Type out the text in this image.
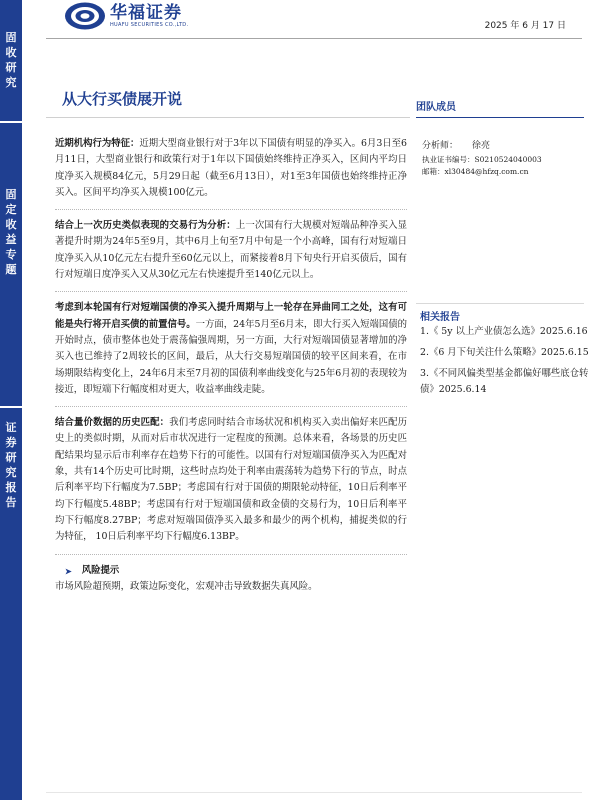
固收研究
固定收益专题
证券研究报告
华福证券
HUAFU SECURITIES CO.,LTD.	2025 年 6 月 17 日
从大行买债展开说	团队成员

近期机构行为特征：近期大型商业银行对于3年以下国债有明显的净买入。6月3日至6月11日，大型商业银行和政策行对于1年以下国债始终维持正净买入，区间内平均日度净买入规模84亿元，5月29日起（截至6月13日），对1至3年国债也始终维持正净买入。区间平均净买入规模100亿元。

结合上一次历史类似表现的交易行为分析：上一次国有行大规模对短端品种净买入显著提升时期为24年5至9月，其中6月上旬至7月中旬是一个小高峰，国有行对短端日度净买入从10亿元左右提升至60亿元以上，而紧接着8月下旬央行开启买债后，国有行对短端日度净买入又从30亿元左右快速提升至140亿元以上。

考虑到本轮国有行对短端国债的净买入提升周期与上一轮存在异曲同工之处，这有可能是央行将开启买债的前置信号。一方面，24年5月至6月末，即大行买入短端国债的开始时点，债市整体也处于震荡偏强周期，另一方面，大行对短端国债显著增加的净买入也已维持了2周较长的区间，最后，从大行交易短端国债的较平区间来看，在市场期限结构变化上，24年6月末至7月初的国债利率曲线变化与25年6月初的表现较为接近，即短端下行幅度相对更大，收益率曲线走陡。

结合量价数据的历史匹配：我们考虑同时结合市场状况和机构买入卖出偏好来匹配历史上的类似时期，从而对后市状况进行一定程度的预测。总体来看，各场景的历史匹配结果均显示后市利率存在趋势下行的可能性。以国有行对短端国债净买入为匹配对象，共有14个历史可比时期，这些时点均处于利率由震荡转为趋势下行的节点，时点后利率平均下行幅度为7.5BP；考虑国有行对于国债的期限轮动特征，10日后利率平均下行幅度5.48BP；考虑国有行对于短端国债和政金债的交易行为，10日后利率平均下行幅度8.27BP；考虑对短端国债净买入最多和最少的两个机构，捕捉类似的行为特征， 10日后利率平均下行幅度6.13BP。

➤ 风险提示
市场风险超预期，政策边际变化，宏观冲击导致数据失真风险。
分析师： 徐亮
执业证书编号： S0210524040003
邮箱： xl30484@hfzq.com.cn
相关报告
1.《 5y 以上产业债怎么选》2025.6.16
2.《6 月下旬关注什么策略》2025.6.15
3.《不同风偏类型基金都偏好哪些底仓转债》2025.6.14
